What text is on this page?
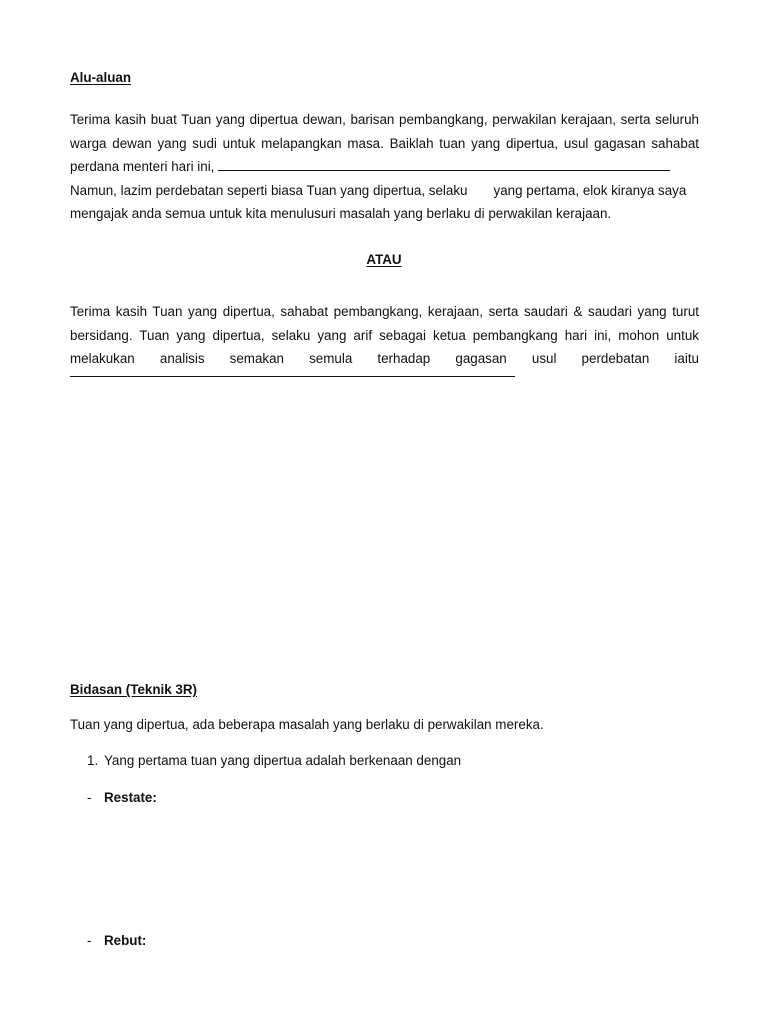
Alu-aluan
Terima kasih buat Tuan yang dipertua dewan, barisan pembangkang, perwakilan kerajaan, serta seluruh
warga dewan yang sudi untuk melapangkan masa. Baiklah tuan yang dipertua, usul gagasan sahabat
perdana menteri hari ini,
Namun, lazim perdebatan seperti biasa Tuan yang dipertua, selaku yang pertama, elok kiranya saya
mengajak anda semua untuk kita menulusuri masalah yang berlaku di perwakilan kerajaan.
ATAU
Terima kasih Tuan yang dipertua, sahabat pembangkang, kerajaan, serta saudari & saudari yang turut
bersidang. Tuan yang dipertua, selaku yang arif sebagai ketua pembangkang hari ini, mohon untuk
melakukan analisis semakan semula terhadap gagasan usul perdebatan iaitu
Bidasan (Teknik 3R)
Tuan yang dipertua, ada beberapa masalah yang berlaku di perwakilan mereka.
1. Yang pertama tuan yang dipertua adalah berkenaan dengan
- Restate:
- Rebut:
